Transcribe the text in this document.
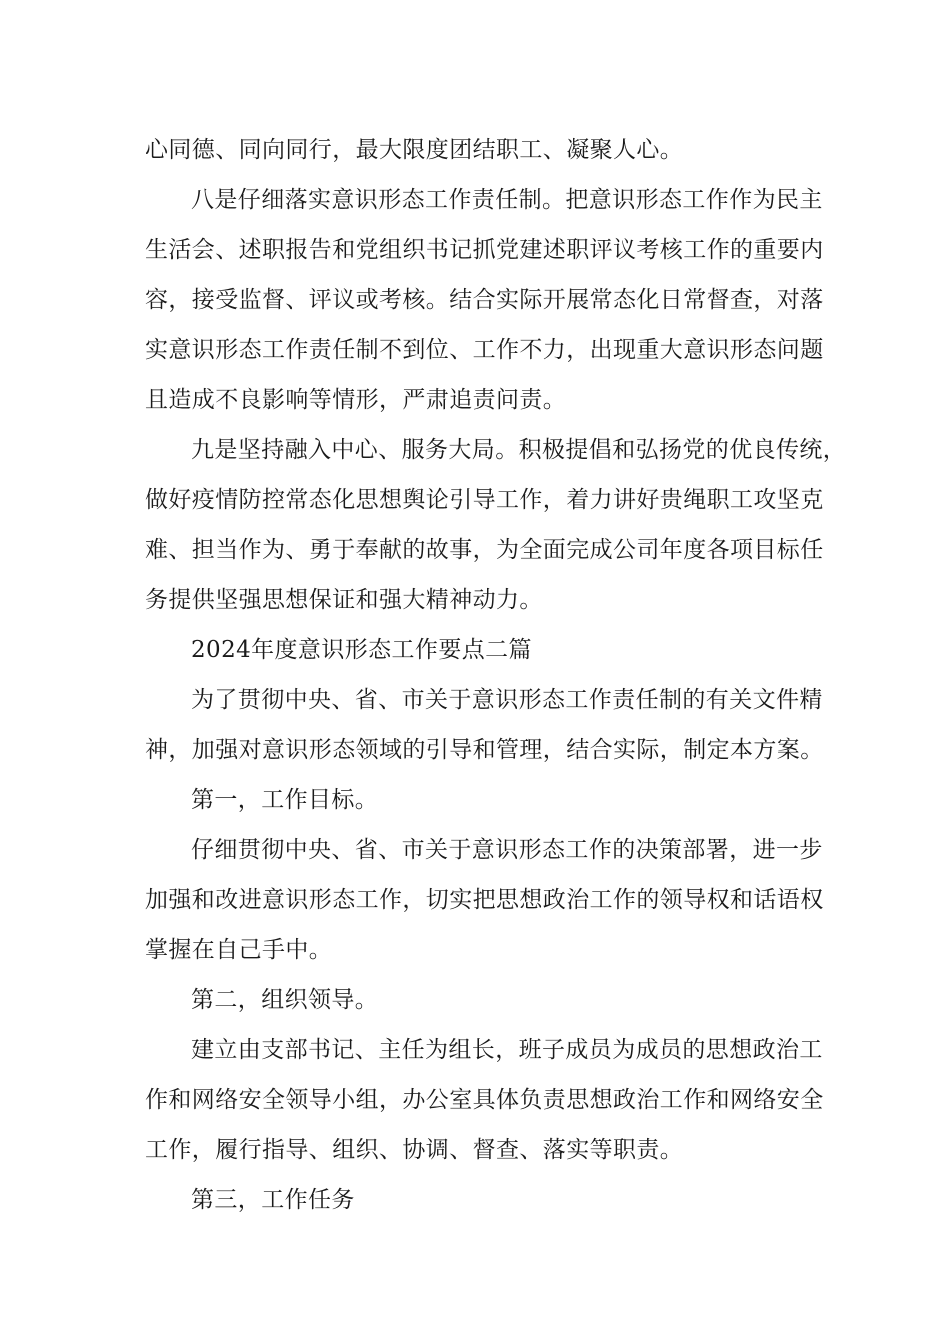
心同德、同向同行，最大限度团结职工、凝聚人心。
八是仔细落实意识形态工作责任制。把意识形态工作作为民主
生活会、述职报告和党组织书记抓党建述职评议考核工作的重要内
容，接受监督、评议或考核。结合实际开展常态化日常督查，对落
实意识形态工作责任制不到位、工作不力，出现重大意识形态问题
且造成不良影响等情形，严肃追责问责。
九是坚持融入中心、服务大局。积极提倡和弘扬党的优良传统，
做好疫情防控常态化思想舆论引导工作，着力讲好贵绳职工攻坚克
难、担当作为、勇于奉献的故事，为全面完成公司年度各项目标任
务提供坚强思想保证和强大精神动力。
2024年度意识形态工作要点二篇
为了贯彻中央、省、市关于意识形态工作责任制的有关文件精
神，加强对意识形态领域的引导和管理，结合实际，制定本方案。
第一，工作目标。
仔细贯彻中央、省、市关于意识形态工作的决策部署，进一步
加强和改进意识形态工作，切实把思想政治工作的领导权和话语权
掌握在自己手中。
第二，组织领导。
建立由支部书记、主任为组长，班子成员为成员的思想政治工
作和网络安全领导小组，办公室具体负责思想政治工作和网络安全
工作，履行指导、组织、协调、督查、落实等职责。
第三，工作任务
